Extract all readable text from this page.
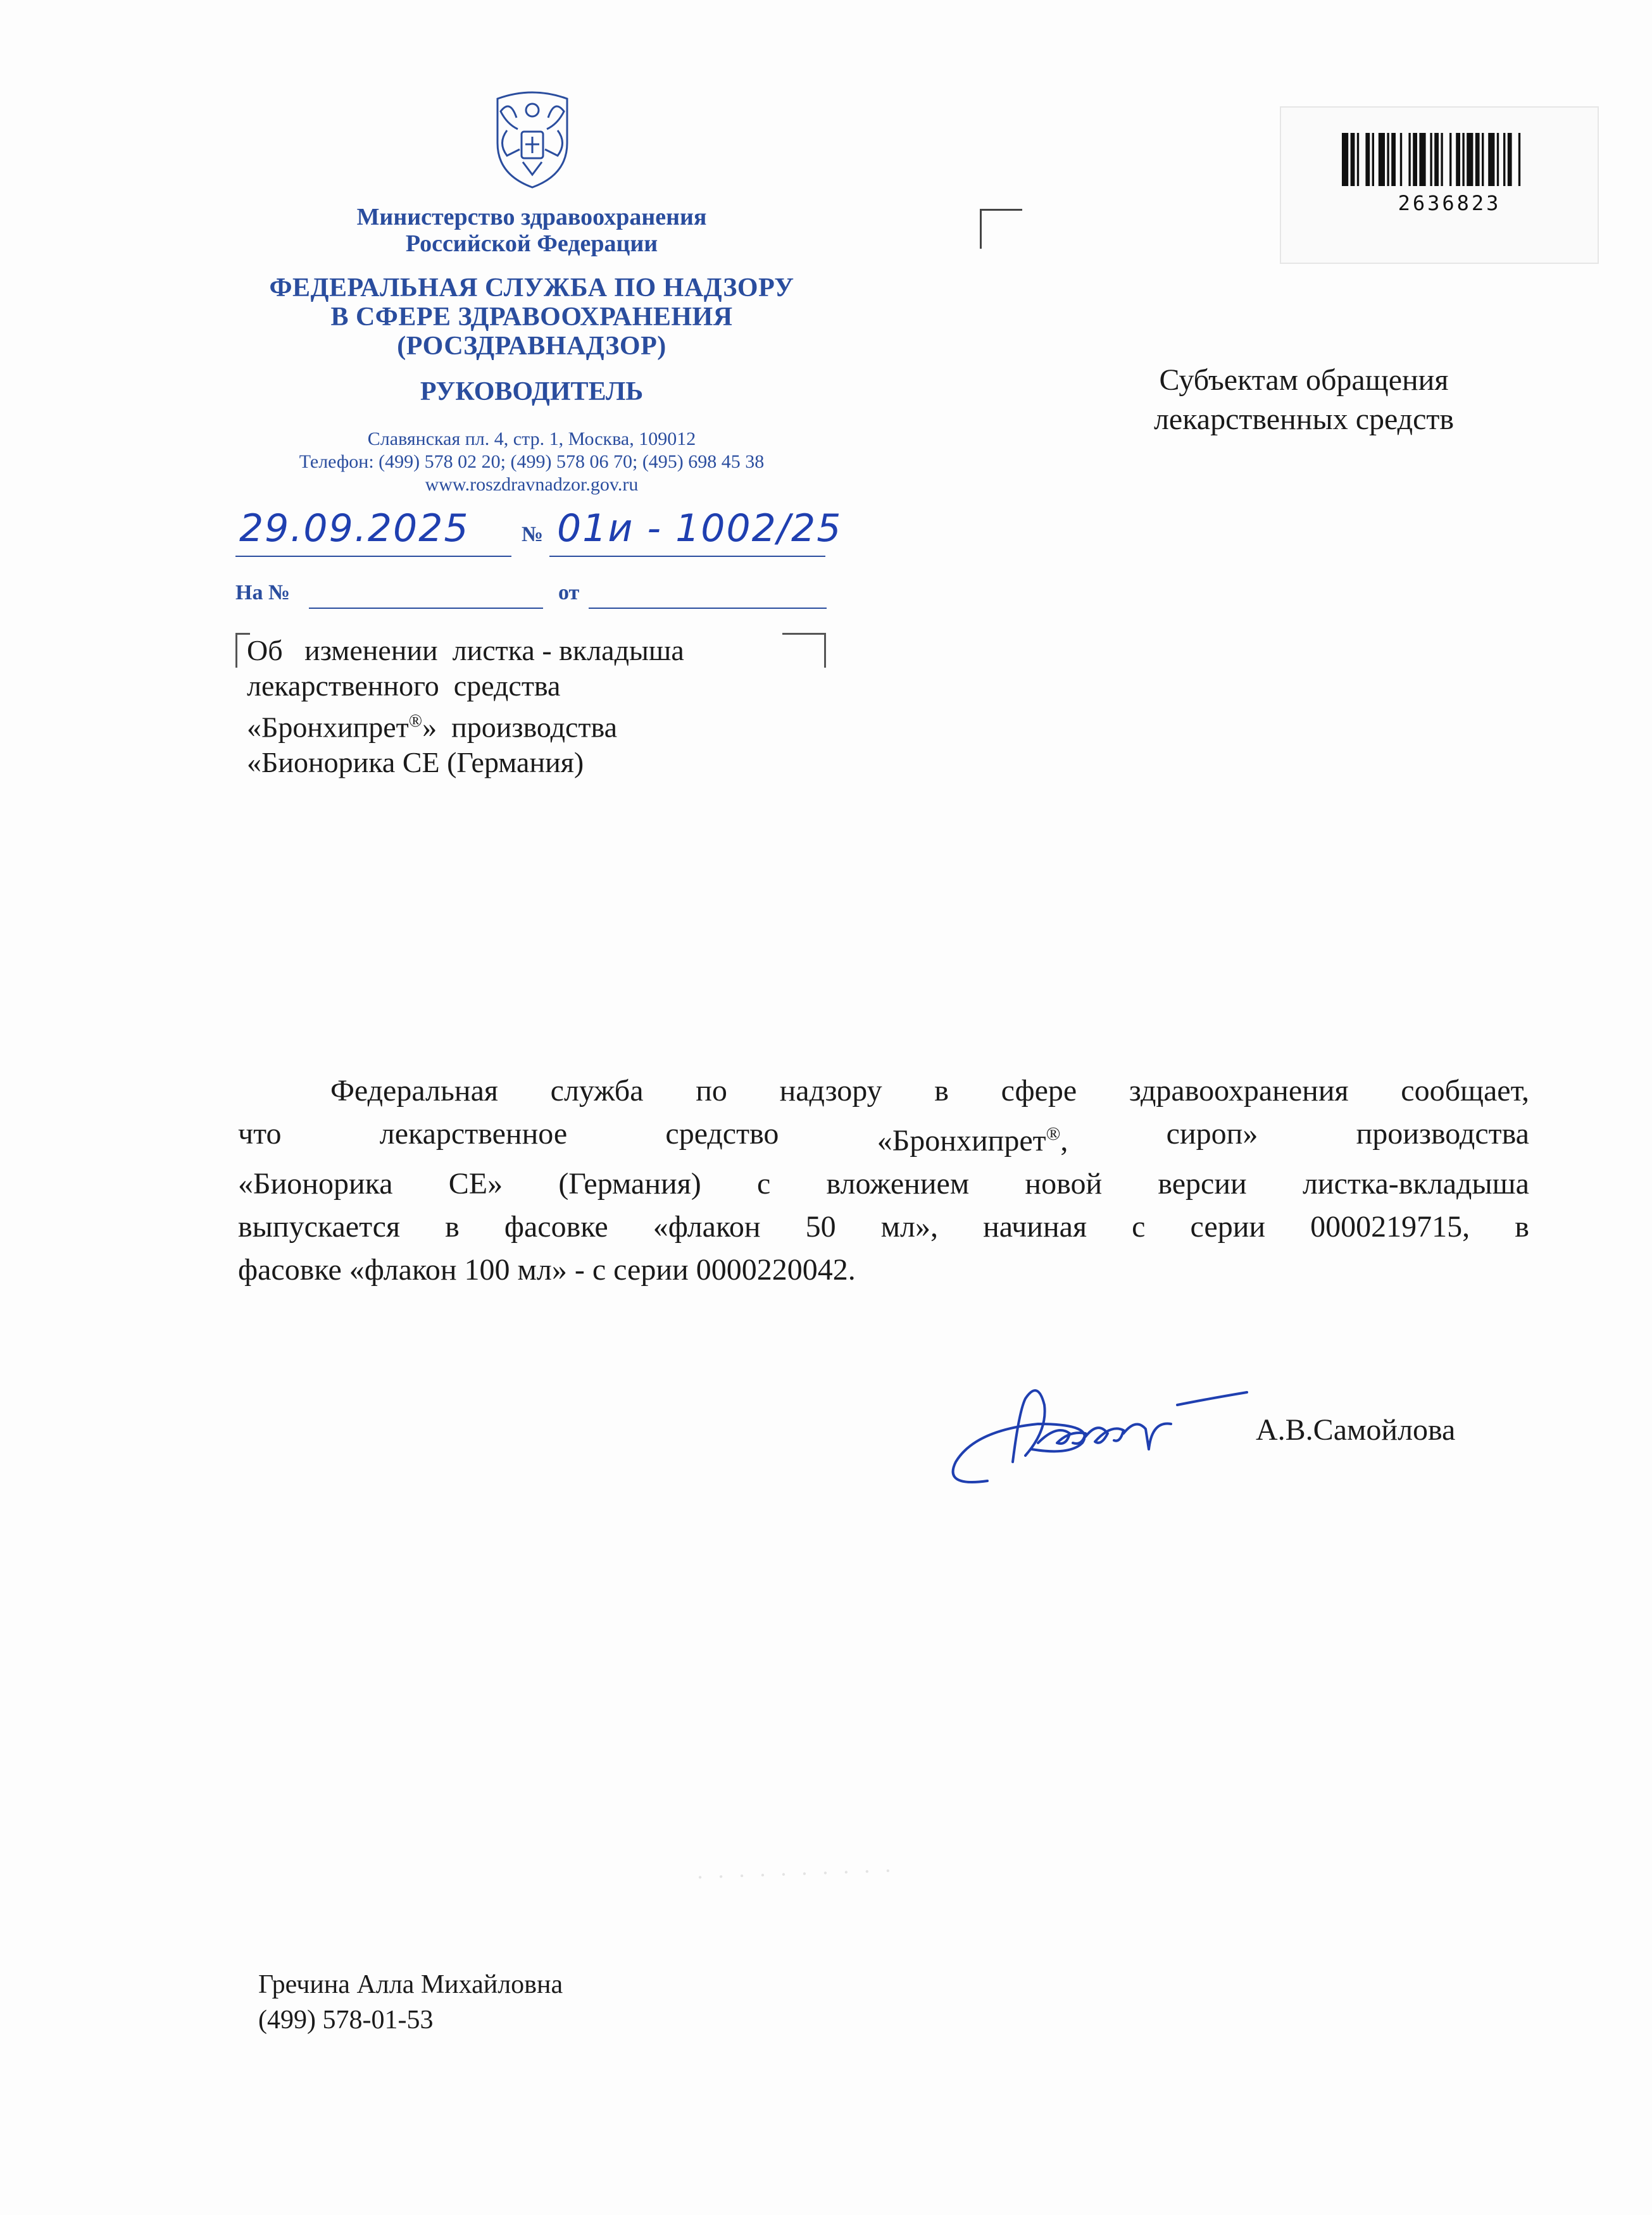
Министерство здравоохранения
Российской Федерации
ФЕДЕРАЛЬНАЯ СЛУЖБА ПО НАДЗОРУ
В СФЕРЕ ЗДРАВООХРАНЕНИЯ
(РОСЗДРАВНАДЗОР)
РУКОВОДИТЕЛЬ
Славянская пл. 4, стр. 1, Москва, 109012
Телефон: (499) 578 02 20; (499) 578 06 70; (495) 698 45 38
www.roszdravnadzor.gov.ru
29.09.2025 № 01и - 1002/25
На №	от
Об   изменении  листка - вкладыша
лекарственного  средства
«Бронхипрет®»  производства
«Бионорика СЕ (Германия)
2636823
Субъектам обращения
лекарственных средств
Федеральная служба по надзору в сфере здравоохранения сообщает,
что	лекарственное	средство	«Бронхипрет®,	сироп»	производства
«Бионорика СЕ» (Германия) с вложением новой версии листка-вкладыша
выпускается в фасовке «флакон 50 мл», начиная с серии 0000219715, в
фасовке «флакон 100 мл» - с серии 0000220042.
А.В.Самойлова
· · · · · · · · · ·
Гречина Алла Михайловна
(499) 578-01-53
